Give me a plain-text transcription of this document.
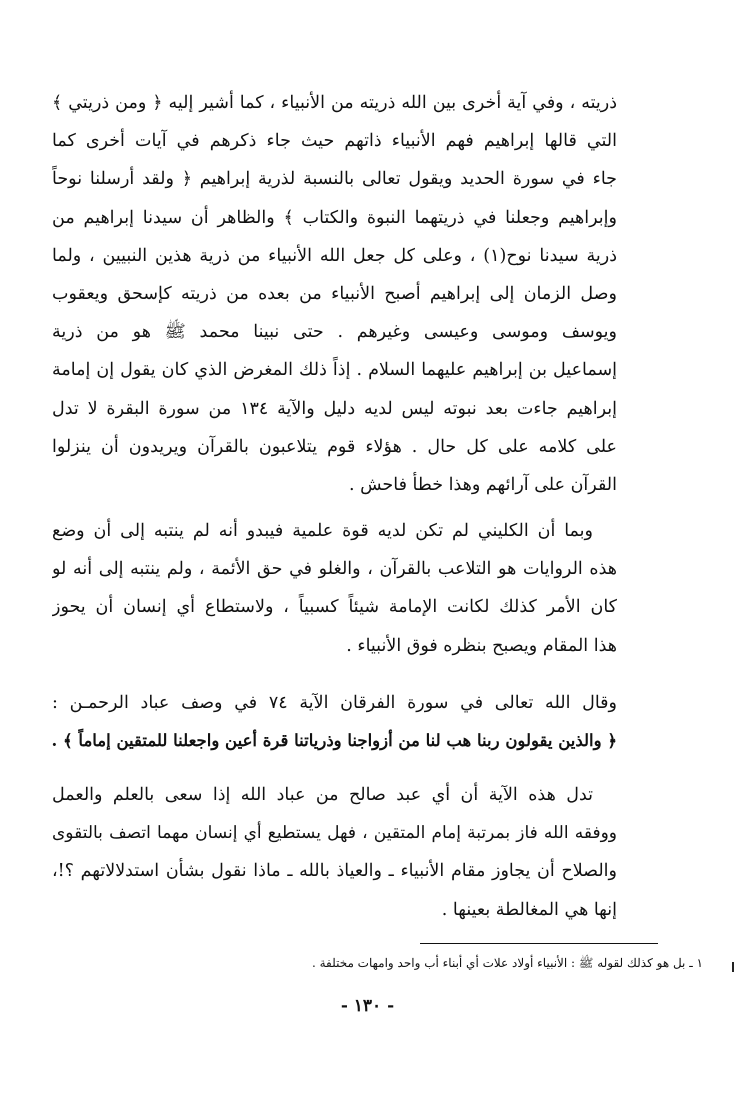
ذريته ، وفي آية أخرى بين الله ذريته من الأنبياء ، كما أشير إليه ﴿ ومن ذريتي ﴾
التي قالها إبراهيم فهم الأنبياء ذاتهم حيث جاء ذكرهم في آيات أخرى كما
جاء في سورة الحديد ويقول تعالى بالنسبة لذرية إبراهيم ﴿ ولقد أرسلنا نوحاً
وإبراهيم وجعلنا في ذريتهما النبوة والكتاب ﴾ والظاهر أن سيدنا إبراهيم من
ذرية سيدنا نوح(١) ، وعلى كل جعل الله الأنبياء من ذرية هذين النبيين ، ولما
وصل الزمان إلى إبراهيم أصبح الأنبياء من بعده من ذريته كإسحق ويعقوب
ويوسف وموسى وعيسى وغيرهم . حتى نبينا محمد ﷺ هو من ذرية
إسماعيل بن إبراهيم عليهما السلام . إذاً ذلك المغرض الذي كان يقول إن إمامة
إبراهيم جاءت بعد نبوته ليس لديه دليل والآية ١٣٤ من سورة البقرة لا تدل
على كلامه على كل حال . هؤلاء قوم يتلاعبون بالقرآن ويريدون أن ينزلوا
القرآن على آرائهم وهذا خطأ فاحش .
وبما أن الكليني لم تكن لديه قوة علمية فيبدو أنه لم ينتبه إلى أن وضع
هذه الروايات هو التلاعب بالقرآن ، والغلو في حق الأئمة ، ولم ينتبه إلى أنه لو
كان الأمر كذلك لكانت الإمامة شيئاً كسبياً ، ولاستطاع أي إنسان أن يحوز
هذا المقام ويصبح بنظره فوق الأنبياء .
وقال الله تعالى في سورة الفرقان الآية ٧٤ في وصف عباد الرحمـن :
﴿ والذين يقولون ربنا هب لنا من أزواجنا وذرياتنا قرة أعين واجعلنا للمتقين إماماً ﴾ .
تدل هذه الآية أن أي عبد صالح من عباد الله إذا سعى بالعلم والعمل
ووفقه الله فاز بمرتبة إمام المتقين ، فهل يستطيع أي إنسان مهما اتصف بالتقوى
والصلاح أن يجاوز مقام الأنبياء ـ والعياذ بالله ـ ماذا نقول بشأن استدلالاتهم ؟!،
إنها هي المغالطة بعينها .
١ ـ بل هو كذلك لقوله ﷺ : الأنبياء أولاد علات أي أبناء أب واحد وامهات مختلفة .
- ١٣٠ -
